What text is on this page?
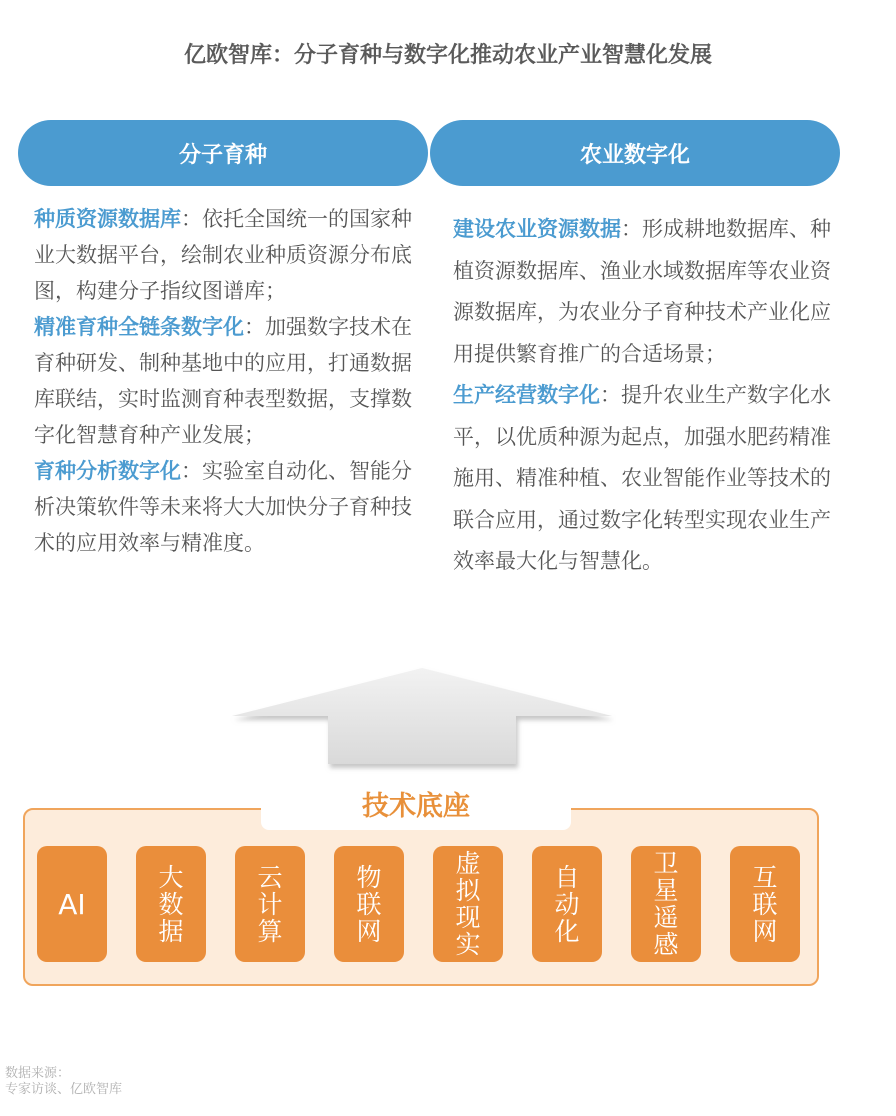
亿欧智库：分子育种与数字化推动农业产业智慧化发展
分子育种	农业数字化
种质资源数据库：依托全国统一的国家种业大数据平台，绘制农业种质资源分布底图，构建分子指纹图谱库；
精准育种全链条数字化：加强数字技术在育种研发、制种基地中的应用，打通数据库联结，实时监测育种表型数据，支撑数字化智慧育种产业发展；
育种分析数字化：实验室自动化、智能分析决策软件等未来将大大加快分子育种技术的应用效率与精准度。
建设农业资源数据：形成耕地数据库、种植资源数据库、渔业水域数据库等农业资源数据库，为农业分子育种技术产业化应用提供繁育推广的合适场景；
生产经营数字化：提升农业生产数字化水平，以优质种源为起点，加强水肥药精准施用、精准种植、农业智能作业等技术的联合应用，通过数字化转型实现农业生产效率最大化与智慧化。
技术底座
AI
大数据
云计算
物联网
虚拟现实
自动化
卫星遥感
互联网
数据来源：
专家访谈、亿欧智库
